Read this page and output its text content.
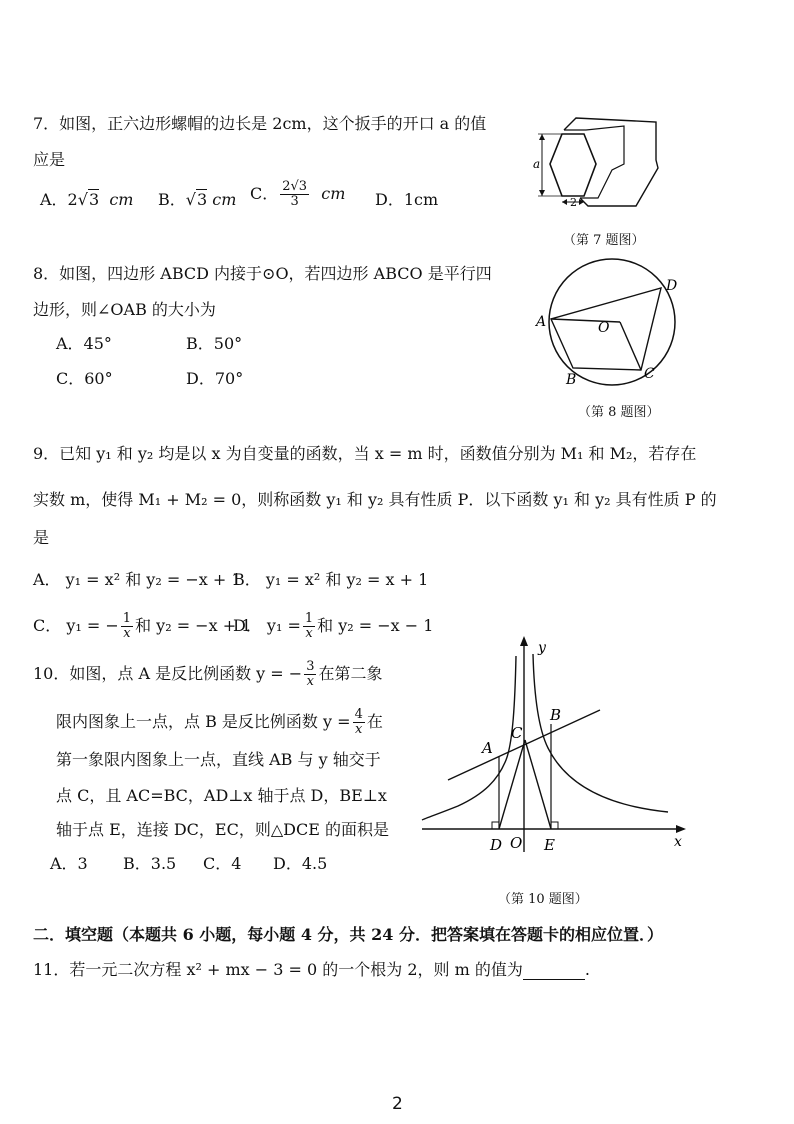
7．如图，正六边形螺帽的边长是 2cm，这个扳手的开口 a 的值
应是
A．2√3 cm B．√3 cm C． $\frac{2√3}{3}$ cm D．1cm
a
2
（第 7 题图）
8．如图，四边形 ABCD 内接于⊙O，若四边形 ABCO 是平行四
边形，则∠OAB 的大小为
A．45°	B．50°
C．60°	D．70°
D
A	O
B	C
（第 8 题图）
9．已知 y₁ 和 y₂ 均是以 x 为自变量的函数，当 x = m 时，函数值分别为 M₁ 和 M₂，若存在
实数 m，使得 M₁ + M₂ = 0，则称函数 y₁ 和 y₂ 具有性质 P．以下函数 y₁ 和 y₂ 具有性质 P 的
是
A． y₁ = x² 和 y₂ = −x + 1
B． y₁ = x² 和 y₂ = x + 1
C． y₁ = − $\frac{1}{x}$ 和 y₂ = −x + 1
D． $y_1 = \frac{1}{x}$ 和 y₂ = −x − 1
10．如图，点 A 是反比例函数 y = − $\frac{3}{x}$ 在第二象
限内图象上一点，点 B 是反比例函数 $y = \frac{4}{x}$ 在
第一象限内图象上一点，直线 AB 与 y 轴交于
点 C，且 AC=BC，AD⊥x 轴于点 D，BE⊥x
轴于点 E，连接 DC，EC，则△DCE 的面积是
A．3 B．3.5 C．4 D．4.5
x
y
A
B
C
D O E
（第 10 题图）
二．填空题（本题共 6 小题，每小题 4 分，共 24 分．把答案填在答题卡的相应位置．）
11．若一元二次方程 x² + mx − 3 = 0 的一个根为 2，则 m 的值为	.
2
